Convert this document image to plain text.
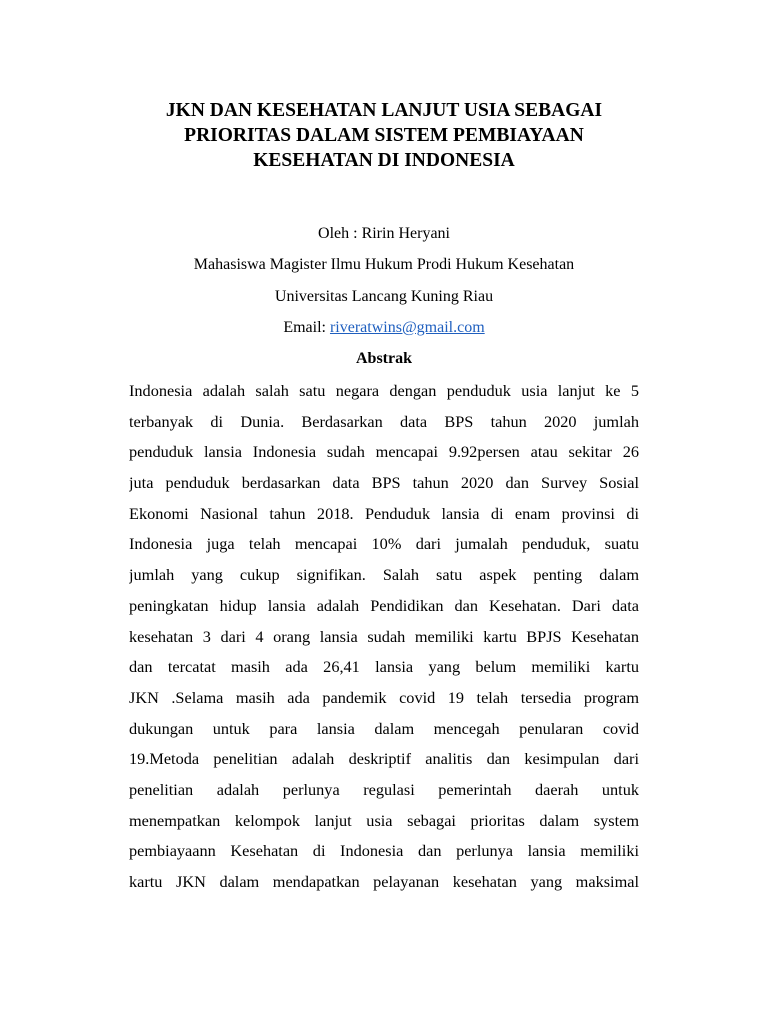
JKN DAN KESEHATAN LANJUT USIA SEBAGAI
PRIORITAS DALAM SISTEM PEMBIAYAAN
KESEHATAN DI INDONESIA

Oleh : Ririn Heryani

Mahasiswa Magister Ilmu Hukum Prodi Hukum Kesehatan

Universitas Lancang Kuning Riau

Email: riveratwins@gmail.com

Abstrak
Indonesia adalah salah satu negara dengan penduduk usia lanjut ke 5
terbanyak di Dunia. Berdasarkan data BPS tahun 2020 jumlah
penduduk lansia Indonesia sudah mencapai 9.92persen atau sekitar 26
juta penduduk berdasarkan data BPS tahun 2020 dan Survey Sosial
Ekonomi Nasional tahun 2018. Penduduk lansia di enam provinsi di
Indonesia juga telah mencapai 10% dari jumalah penduduk, suatu
jumlah yang cukup signifikan. Salah satu aspek penting dalam
peningkatan hidup lansia adalah Pendidikan dan Kesehatan. Dari data
kesehatan 3 dari 4 orang lansia sudah memiliki kartu BPJS Kesehatan
dan tercatat masih ada 26,41 lansia yang belum memiliki kartu
JKN .Selama masih ada pandemik covid 19 telah tersedia program
dukungan untuk para lansia dalam mencegah penularan covid
19.Metoda penelitian adalah deskriptif analitis dan kesimpulan dari
penelitian adalah perlunya regulasi pemerintah daerah untuk
menempatkan kelompok lanjut usia sebagai prioritas dalam system
pembiayaann Kesehatan di Indonesia dan perlunya lansia memiliki
kartu JKN dalam mendapatkan pelayanan kesehatan yang maksimal
